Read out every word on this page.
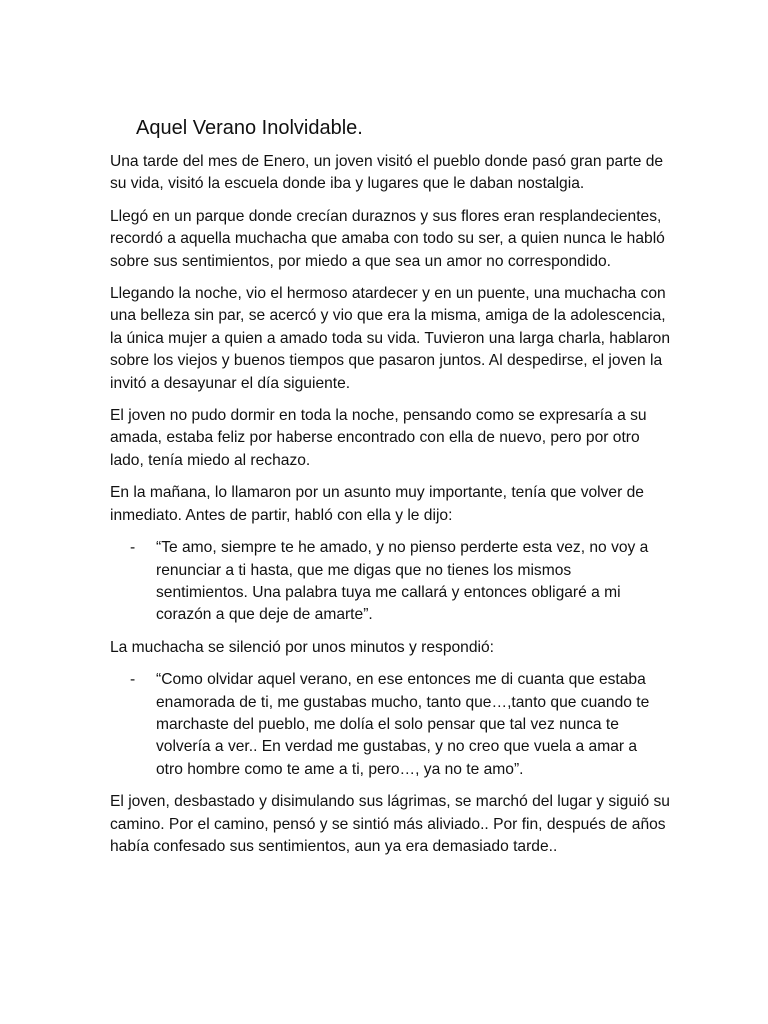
Aquel Verano Inolvidable.

Una tarde del mes de Enero, un joven visitó el pueblo donde pasó gran parte de su vida, visitó la escuela donde iba y lugares que le daban nostalgia.

Llegó en un parque donde crecían duraznos y sus flores eran resplandecientes, recordó a aquella muchacha que amaba con todo su ser, a quien nunca le habló sobre sus sentimientos, por miedo a que sea un amor no correspondido.

Llegando la noche, vio el hermoso atardecer y en un puente, una muchacha con una belleza sin par, se acercó y vio que era la misma, amiga de la adolescencia, la única mujer a quien a amado toda su vida. Tuvieron una larga charla, hablaron sobre los viejos y buenos tiempos que pasaron juntos. Al despedirse, el joven la invitó a desayunar el día siguiente.

El joven no pudo dormir en toda la noche, pensando como se expresaría a su amada, estaba feliz por haberse encontrado con ella de nuevo, pero por otro lado, tenía miedo al rechazo.

En la mañana, lo llamaron por un asunto muy importante, tenía que volver de inmediato. Antes de partir, habló con ella y le dijo:

- “Te amo, siempre te he amado, y no pienso perderte esta vez, no voy a renunciar a ti hasta, que me digas que no tienes los mismos sentimientos. Una palabra tuya me callará y entonces obligaré a mi corazón a que deje de amarte”.

La muchacha se silenció por unos minutos y respondió:

- “Como olvidar aquel verano, en ese entonces me di cuanta que estaba enamorada de ti, me gustabas mucho, tanto que…,tanto que cuando te marchaste del pueblo, me dolía el solo pensar que tal vez nunca te volvería a ver.. En verdad me gustabas, y no creo que vuela a amar a otro hombre como te ame a ti, pero…, ya no te amo”.

El joven, desbastado y disimulando sus lágrimas, se marchó del lugar y siguió su camino. Por el camino, pensó y se sintió más aliviado.. Por fin, después de años había confesado sus sentimientos, aun ya era demasiado tarde..
